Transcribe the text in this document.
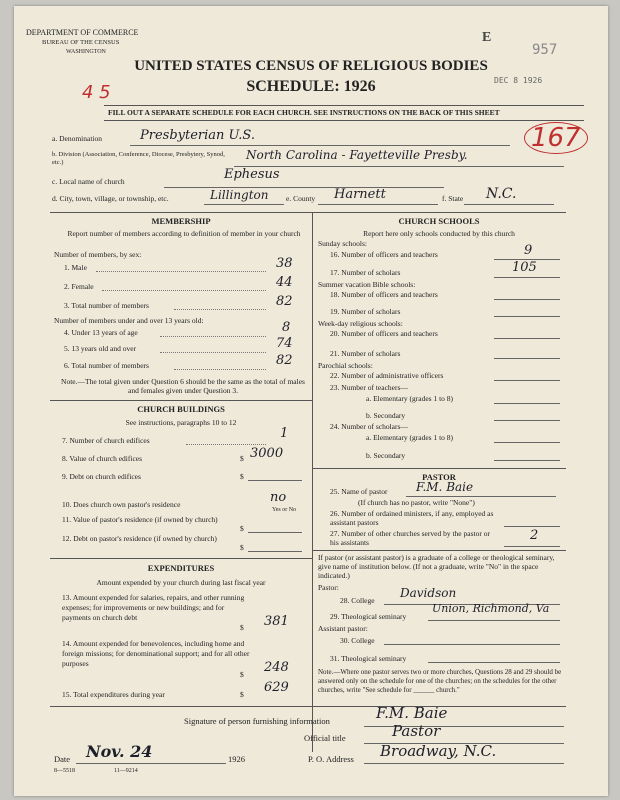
DEPARTMENT OF COMMERCE
BUREAU OF THE CENSUS
WASHINGTON
E
957
DEC 8 1926
UNITED STATES CENSUS OF RELIGIOUS BODIES
SCHEDULE: 1926
4 5
FILL OUT A SEPARATE SCHEDULE FOR EACH CHURCH. SEE INSTRUCTIONS ON THE BACK OF THIS SHEET
a. Denomination	Presbyterian U.S.
b. Division (Association, Conference, Diocese, Presbytery, Synod, etc.)
North Carolina - Fayetteville Presby.
167
c. Local name of church	Ephesus
d. City, town, village, or township, etc.	Lillington e. County Harnett	f. State N.C.
MEMBERSHIP
Report number of members according to definition of member in your church
Number of members, by sex:
1. Male	38
2. Female	44
3. Total number of members	82
Number of members under and over 13 years old:
4. Under 13 years of age	8
5. 13 years old and over	74
6. Total number of members	82
Note.—The total given under Question 6 should be the same as the total of males and females given under Question 3.
CHURCH BUILDINGS
See instructions, paragraphs 10 to 12
7. Number of church edifices	1
8. Value of church edifices	$ 3000
9. Debt on church edifices	$
10. Does church own pastor's residence	no
Yes or No
11. Value of pastor's residence (if owned by church)
$
12. Debt on pastor's residence (if owned by church)
$
EXPENDITURES
Amount expended by your church during last fiscal year
13. Amount expended for salaries, repairs, and other running expenses; for improvements or new buildings; and for payments on church debt
$ 381
14. Amount expended for benevolences, including home and foreign missions; for denominational support; and for all other purposes
$ 248
15. Total expenditures during year	$ 629
CHURCH SCHOOLS
Report here only schools conducted by this church
Sunday schools:
16. Number of officers and teachers	9
17. Number of scholars	105
Summer vacation Bible schools:
18. Number of officers and teachers
19. Number of scholars
Week-day religious schools:
20. Number of officers and teachers
21. Number of scholars
Parochial schools:
22. Number of administrative officers
23. Number of teachers—
a. Elementary (grades 1 to 8)
b. Secondary
24. Number of scholars—
a. Elementary (grades 1 to 8)
b. Secondary
PASTOR
25. Name of pastor F.M. Baie
(If church has no pastor, write "None")
26. Number of ordained ministers, if any, employed as assistant pastors
27. Number of other churches served by the pastor or his assistants	2
If pastor (or assistant pastor) is a graduate of a college or theological seminary, give name of institution below. (If not a graduate, write "No" in the space indicated.)
Pastor:
28. College
Davidson
29. Theological seminary
Union, Richmond, Va
Assistant pastor:
30. College
31. Theological seminary
Note.—Where one pastor serves two or more churches, Questions 28 and 29 should be answered only on the schedule for one of the churches; on the schedules for the other churches, write "See schedule for ______ church."
Signature of person furnishing information	F.M. Baie
Official title	Pastor
Date Nov. 24	1926	P. O. Address Broadway, N.C.
8—5518	11—9214
